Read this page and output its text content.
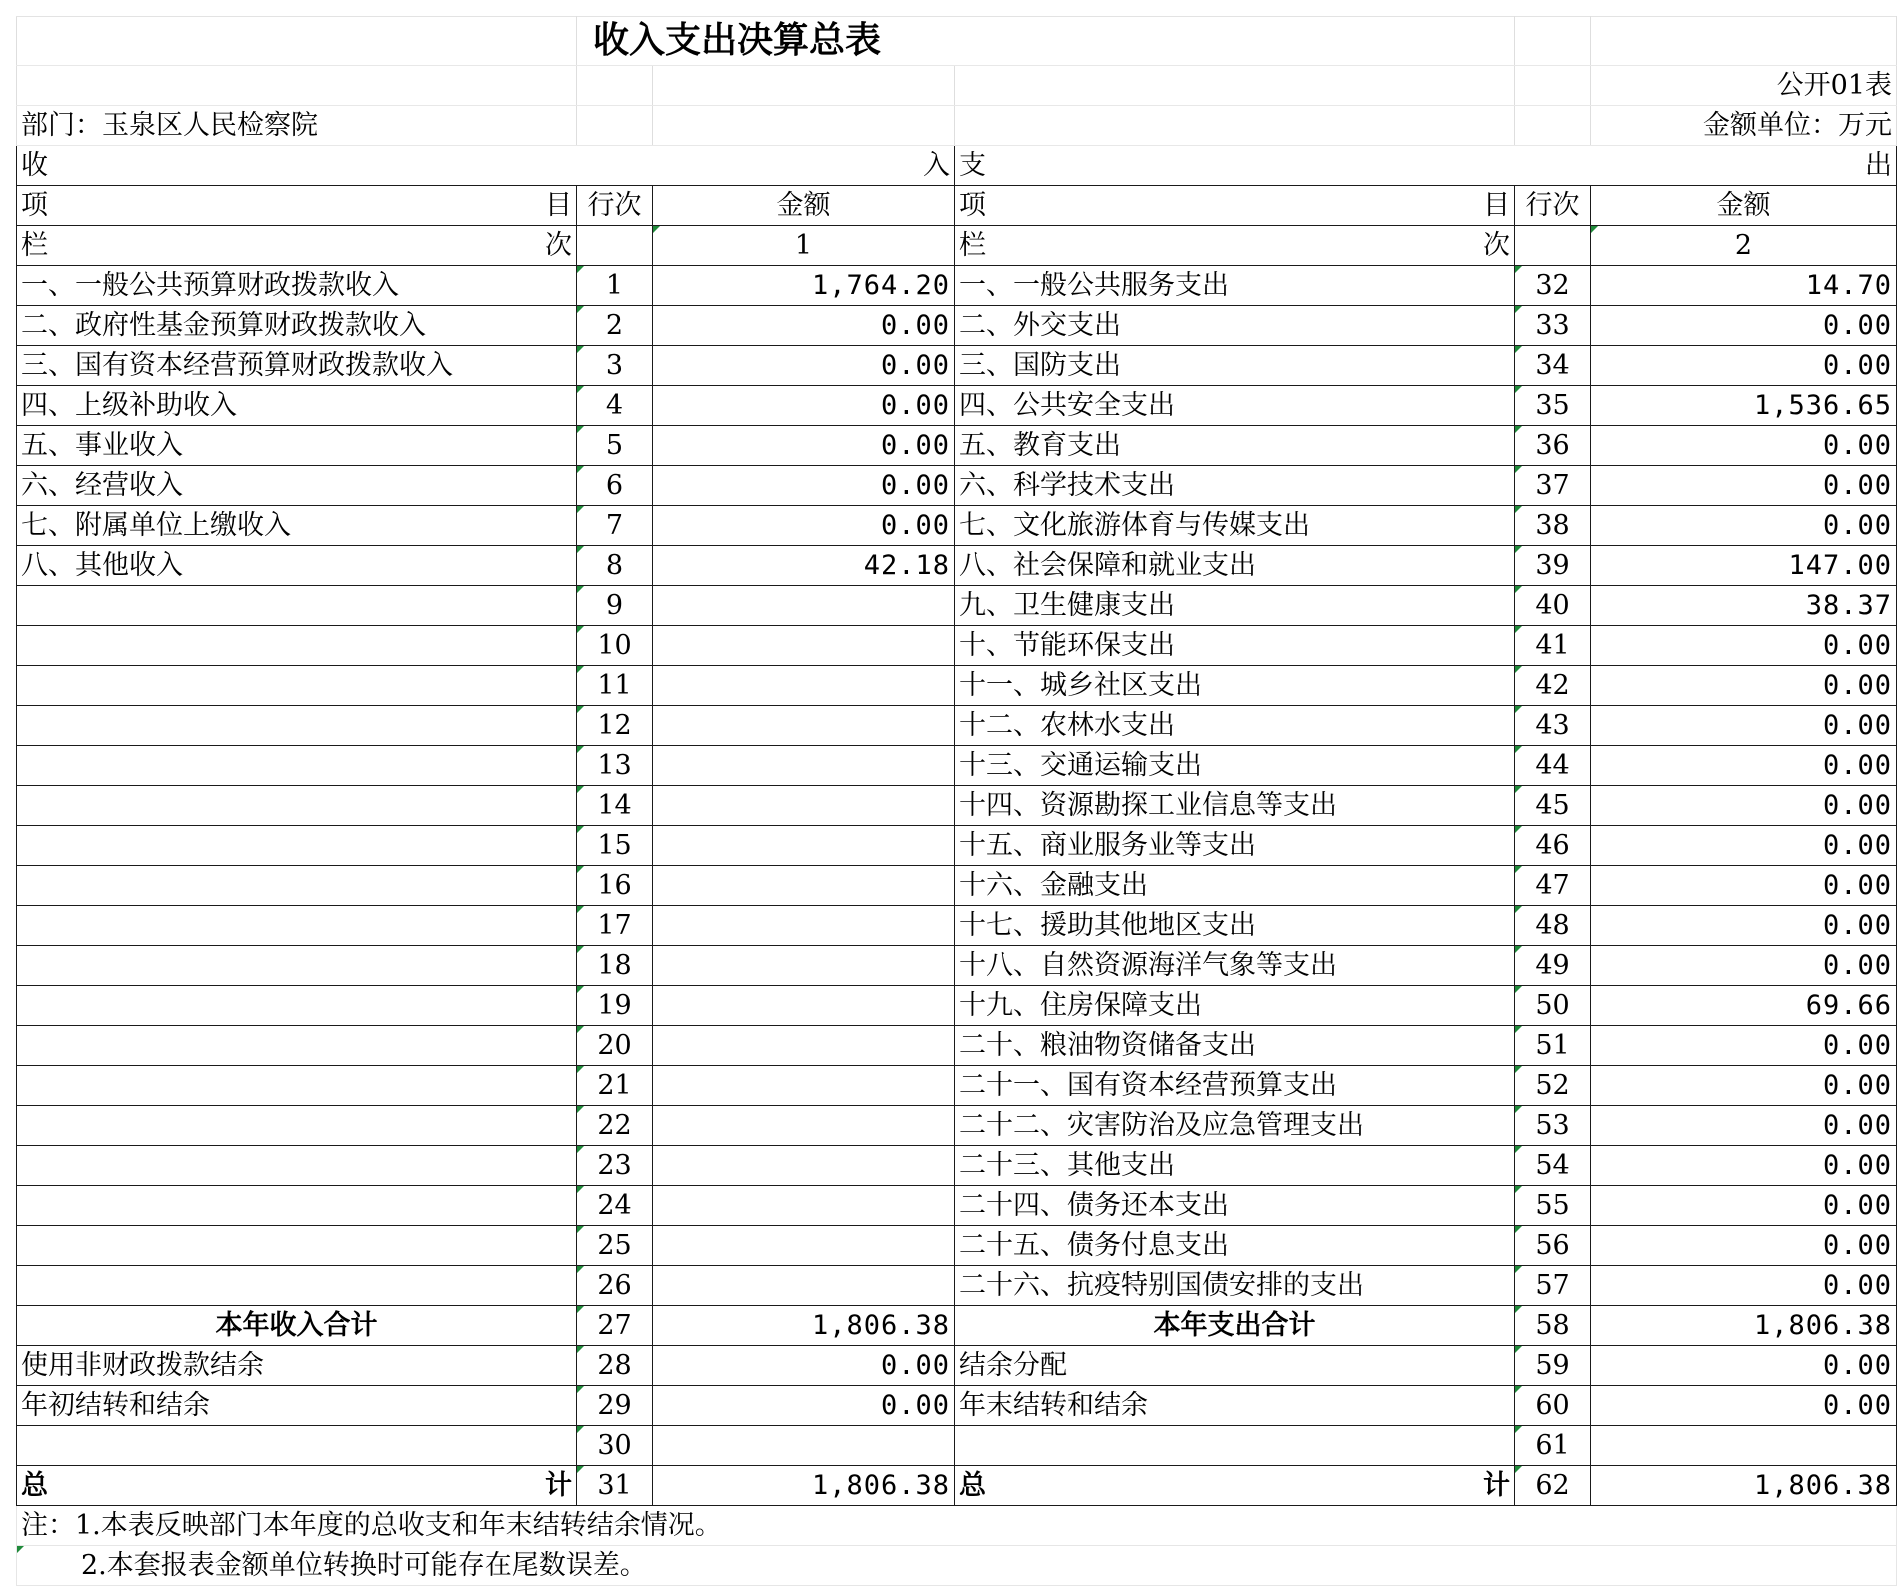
	收入支出决算总表				
					公开01表
部门：玉泉区人民检察院					金额单位：万元

收 入			支 出		

项 目	行次	金额	项 目	行次	金额

栏 次		1	栏 次		2
一、一般公共预算财政拨款收入	1	1,764.20	一、一般公共服务支出	32	14.70
二、政府性基金预算财政拨款收入	2	0.00	二、外交支出	33	0.00
三、国有资本经营预算财政拨款收入	3	0.00	三、国防支出	34	0.00
四、上级补助收入	4	0.00	四、公共安全支出	35	1,536.65
五、事业收入	5	0.00	五、教育支出	36	0.00
六、经营收入	6	0.00	六、科学技术支出	37	0.00
七、附属单位上缴收入	7	0.00	七、文化旅游体育与传媒支出	38	0.00
八、其他收入	8	42.18	八、社会保障和就业支出	39	147.00
	9		九、卫生健康支出	40	38.37
	10		十、节能环保支出	41	0.00
	11		十一、城乡社区支出	42	0.00
	12		十二、农林水支出	43	0.00
	13		十三、交通运输支出	44	0.00
	14		十四、资源勘探工业信息等支出	45	0.00
	15		十五、商业服务业等支出	46	0.00
	16		十六、金融支出	47	0.00
	17		十七、援助其他地区支出	48	0.00
	18		十八、自然资源海洋气象等支出	49	0.00
	19		十九、住房保障支出	50	69.66
	20		二十、粮油物资储备支出	51	0.00
	21		二十一、国有资本经营预算支出	52	0.00
	22		二十二、灾害防治及应急管理支出	53	0.00
	23		二十三、其他支出	54	0.00
	24		二十四、债务还本支出	55	0.00
	25		二十五、债务付息支出	56	0.00
	26		二十六、抗疫特别国债安排的支出	57	0.00
本年收入合计	27	1,806.38	本年支出合计	58	1,806.38
使用非财政拨款结余	28	0.00	结余分配	59	0.00
年初结转和结余	29	0.00	年末结转和结余	60	0.00
	30			61	

总 计	31	1,806.38	总 计	62	1,806.38
注：1.本表反映部门本年度的总收支和年末结转结余情况。					
2.本套报表金额单位转换时可能存在尾数误差。					
